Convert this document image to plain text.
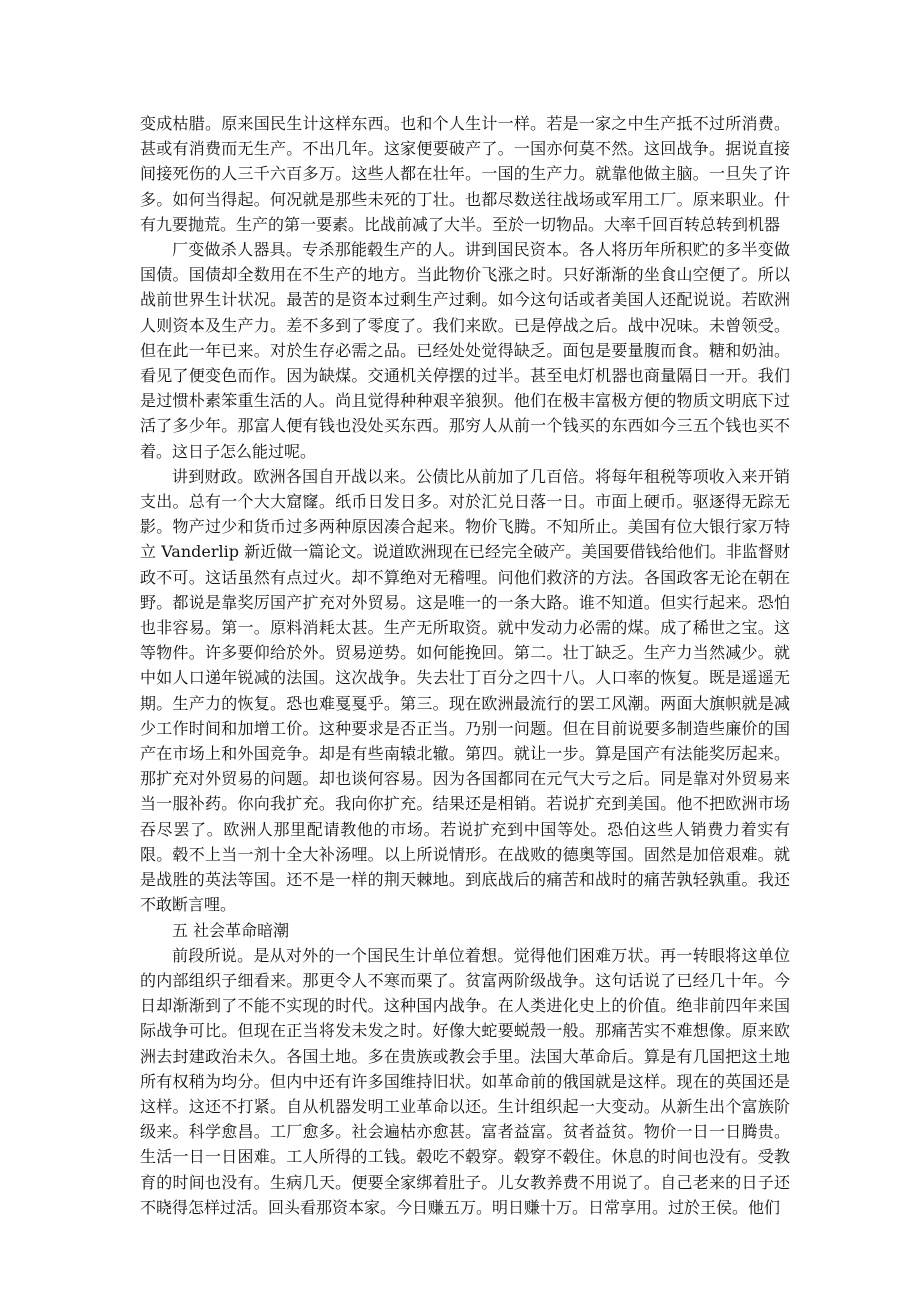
变成枯腊。原来国民生计这样东西。也和个人生计一样。若是一家之中生产抵不过所消费。甚或有消费而无生产。不出几年。这家便要破产了。一国亦何莫不然。这回战争。据说直接间接死伤的人三千六百多万。这些人都在壮年。一国的生产力。就靠他做主脑。一旦失了许多。如何当得起。何况就是那些未死的丁壮。也都尽数送往战场或军用工厂。原来职业。什有九要抛荒。生产的第一要素。比战前减了大半。至於一切物品。大率千回百转总转到机器

厂变做杀人器具。专杀那能毂生产的人。讲到国民资本。各人将历年所积贮的多半变做国债。国债却全数用在不生产的地方。当此物价飞涨之时。只好渐渐的坐食山空便了。所以战前世界生计状况。最苦的是资本过剩生产过剩。如今这句话或者美国人还配说说。若欧洲人则资本及生产力。差不多到了零度了。我们来欧。已是停战之后。战中况味。未曾领受。但在此一年已来。对於生存必需之品。已经处处觉得缺乏。面包是要量腹而食。糖和奶油。看见了便变色而作。因为缺煤。交通机关停摆的过半。甚至电灯机器也商量隔日一开。我们是过惯朴素笨重生活的人。尚且觉得种种艰辛狼狈。他们在极丰富极方便的物质文明底下过活了多少年。那富人便有钱也没处买东西。那穷人从前一个钱买的东西如今三五个钱也买不着。这日子怎么能过呢。

讲到财政。欧洲各国自开战以来。公债比从前加了几百倍。将每年租税等项收入来开销支出。总有一个大大窟窿。纸币日发日多。对於汇兑日落一日。市面上硬币。驱逐得无踪无影。物产过少和货币过多两种原因凑合起来。物价飞腾。不知所止。美国有位大银行家万特立 Vanderlip 新近做一篇论文。说道欧洲现在已经完全破产。美国要借钱给他们。非监督财政不可。这话虽然有点过火。却不算绝对无稽哩。问他们救济的方法。各国政客无论在朝在野。都说是靠奖厉国产扩充对外贸易。这是唯一的一条大路。谁不知道。但实行起来。恐怕也非容易。第一。原料消耗太甚。生产无所取资。就中发动力必需的煤。成了稀世之宝。这等物件。许多要仰给於外。贸易逆势。如何能挽回。第二。壮丁缺乏。生产力当然减少。就中如人口递年锐减的法国。这次战争。失去壮丁百分之四十八。人口率的恢复。既是遥遥无期。生产力的恢复。恐也难戛戛乎。第三。现在欧洲最流行的罢工风潮。两面大旗帜就是减少工作时间和加增工价。这种要求是否正当。乃别一问题。但在目前说要多制造些廉价的国产在市场上和外国竞争。却是有些南辕北辙。第四。就让一步。算是国产有法能奖厉起来。那扩充对外贸易的问题。却也谈何容易。因为各国都同在元气大亏之后。同是靠对外贸易来当一服补药。你向我扩充。我向你扩充。结果还是相销。若说扩充到美国。他不把欧洲市场吞尽罢了。欧洲人那里配请教他的市场。若说扩充到中国等处。恐伯这些人销费力着实有限。毂不上当一剂十全大补汤哩。以上所说情形。在战败的德奥等国。固然是加倍艰难。就是战胜的英法等国。还不是一样的荆天棘地。到底战后的痛苦和战时的痛苦孰轻孰重。我还不敢断言哩。

五 社会革命暗潮

前段所说。是从对外的一个国民生计单位着想。觉得他们困难万状。再一转眼将这单位的内部组织子细看来。那更令人不寒而栗了。贫富两阶级战争。这句话说了已经几十年。今日却渐渐到了不能不实现的时代。这种国内战争。在人类进化史上的价值。绝非前四年来国际战争可比。但现在正当将发未发之时。好像大蛇要蜕殼一般。那痛苦实不难想像。原来欧洲去封建政治未久。各国土地。多在贵族或教会手里。法国大革命后。算是有几国把这土地所有权稍为均分。但内中还有许多国维持旧状。如革命前的俄国就是这样。现在的英国还是这样。这还不打紧。自从机器发明工业革命以还。生计组织起一大变动。从新生出个富族阶级来。科学愈昌。工厂愈多。社会遍枯亦愈甚。富者益富。贫者益贫。物价一日一日腾贵。生活一日一日困难。工人所得的工钱。毂吃不毂穿。毂穿不毂住。休息的时间也没有。受教育的时间也没有。生病几天。便要全家绑着肚子。儿女教养费不用说了。自己老来的日子还不晓得怎样过活。回头看那资本家。今日赚五万。明日赚十万。日常享用。过於王侯。他们
